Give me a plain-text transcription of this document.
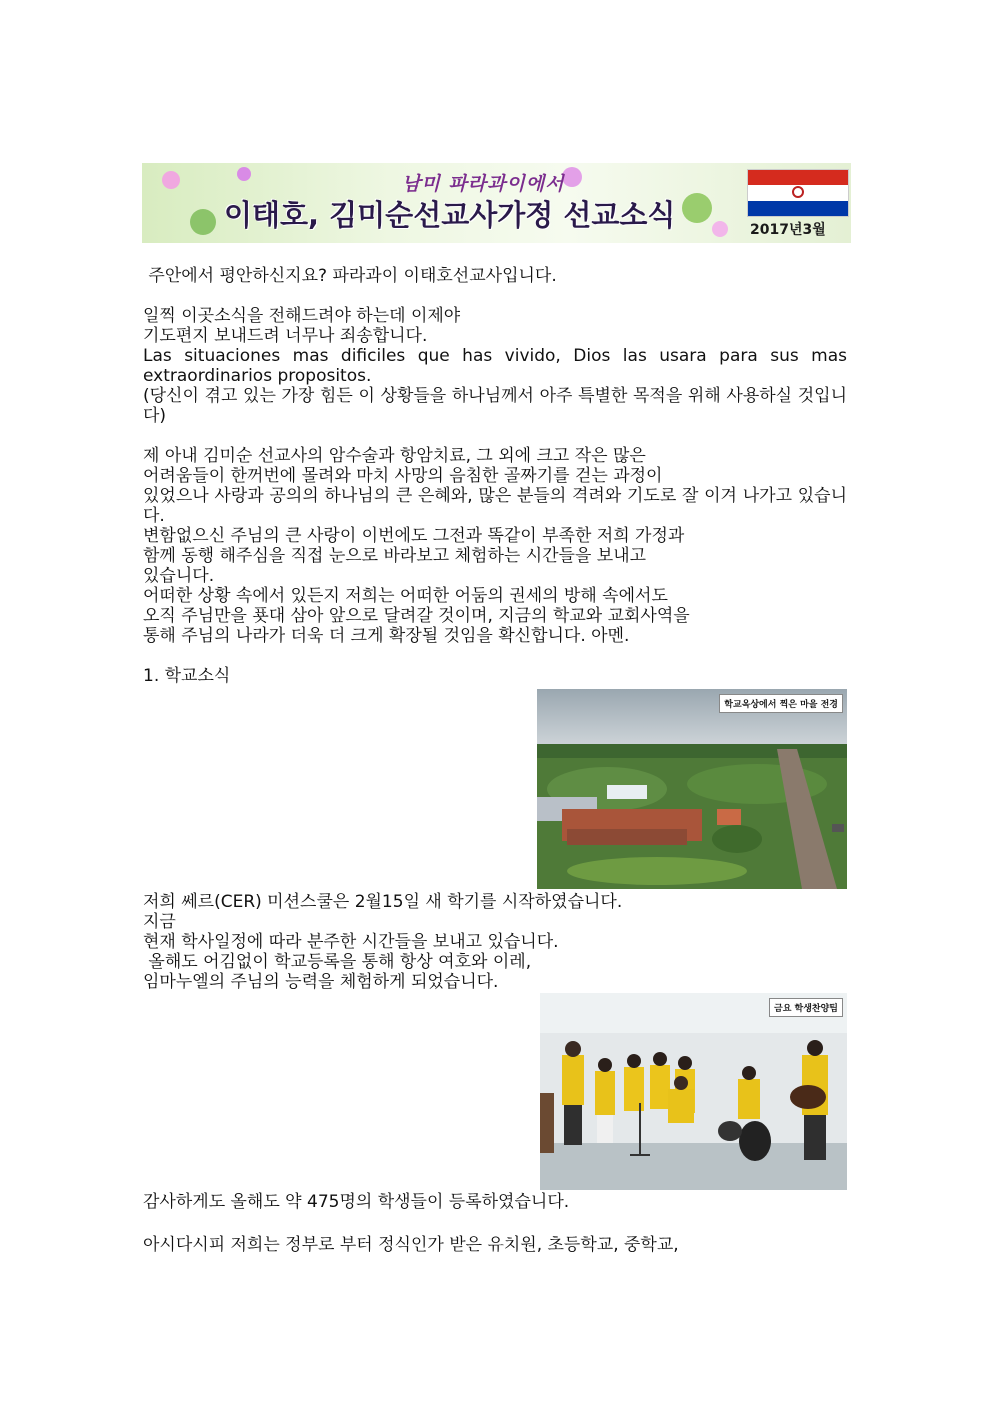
남미 파라과이에서
이태호, 김미순선교사가정 선교소식	2017년3월
주안에서 평안하신지요? 파라과이 이태호선교사입니다.
일찍 이곳소식을 전해드려야 하는데 이제야
기도편지 보내드려 너무나 죄송합니다.
Las situaciones mas dificiles que has vivido, Dios las usara para sus mas extraordinarios propositos.
(당신이 겪고 있는 가장 힘든 이 상황들을 하나님께서 아주 특별한 목적을 위해 사용하실 것입니다)
제 아내 김미순 선교사의 암수술과 항암치료, 그 외에 크고 작은 많은
어려움들이 한꺼번에 몰려와 마치 사망의 음침한 골짜기를 걷는 과정이
있었으나 사랑과 공의의 하나님의 큰 은혜와, 많은 분들의 격려와 기도로 잘 이겨 나가고 있습니다.
변함없으신 주님의 큰 사랑이 이번에도 그전과 똑같이 부족한 저희 가정과
함께 동행 해주심을 직접 눈으로 바라보고 체험하는 시간들을 보내고
있습니다.
어떠한 상황 속에서 있든지 저희는 어떠한 어둠의 권세의 방해 속에서도
오직 주님만을 푯대 삼아 앞으로 달려갈 것이며, 지금의 학교와 교회사역을
통해 주님의 나라가 더욱 더 크게 확장될 것임을 확신합니다. 아멘.
1. 학교소식
학교옥상에서 찍은 마을 전경
저희 쎄르(CER) 미션스쿨은 2월15일 새 학기를 시작하였습니다.
지금
현재 학사일정에 따라 분주한 시간들을 보내고 있습니다.
올해도 어김없이 학교등록을 통해 항상 여호와 이레,
임마누엘의 주님의 능력을 체험하게 되었습니다.
금요 학생찬양팀
감사하게도 올해도 약 475명의 학생들이 등록하였습니다.
아시다시피 저희는 정부로 부터 정식인가 받은 유치원, 초등학교, 중학교,
